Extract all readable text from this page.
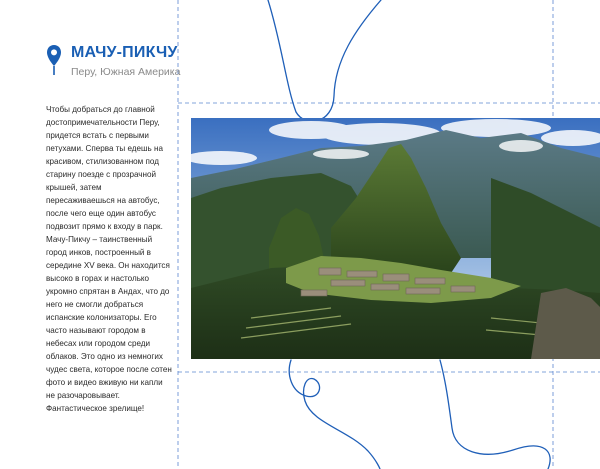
МАЧУ-ПИКЧУ
Перу, Южная Америка

Чтобы добраться до главной достопримечательности Перу, придется встать с первыми петухами. Сперва ты едешь на красивом, стилизованном под старину поезде с прозрачной крышей, затем пересаживаешься на автобус, после чего еще один автобус подвозит прямо к входу в парк. Мачу-Пикчу – таинственный город инков, построенный в середине XV века. Он находится высоко в горах и настолько укромно спрятан в Андах, что до него не смогли добраться испанские колонизаторы. Его часто называют городом в небесах или городом среди облаков. Это одно из немногих чудес света, которое после сотен фото и видео вживую ни капли не разочаровывает. Фантастическое зрелище!
